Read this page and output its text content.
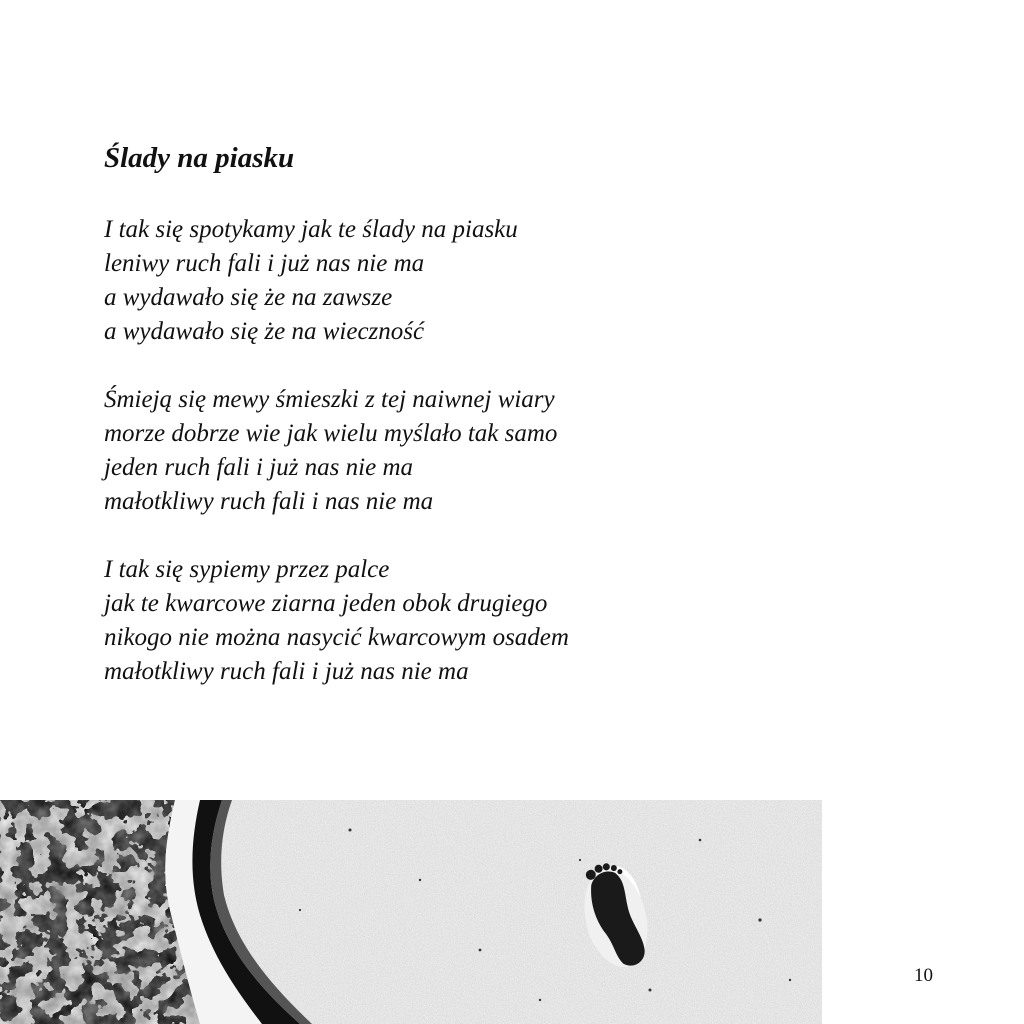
Ślady na piasku

I tak się spotykamy jak te ślady na piasku
leniwy ruch fali i już nas nie ma
a wydawało się że na zawsze
a wydawało się że na wieczność

Śmieją się mewy śmieszki z tej naiwnej wiary
morze dobrze wie jak wielu myślało tak samo
jeden ruch fali i już nas nie ma
małotkliwy ruch fali i nas nie ma

I tak się sypiemy przez palce
jak te kwarcowe ziarna jeden obok drugiego
nikogo nie można nasycić kwarcowym osadem
małotkliwy ruch fali i już nas nie ma

10
